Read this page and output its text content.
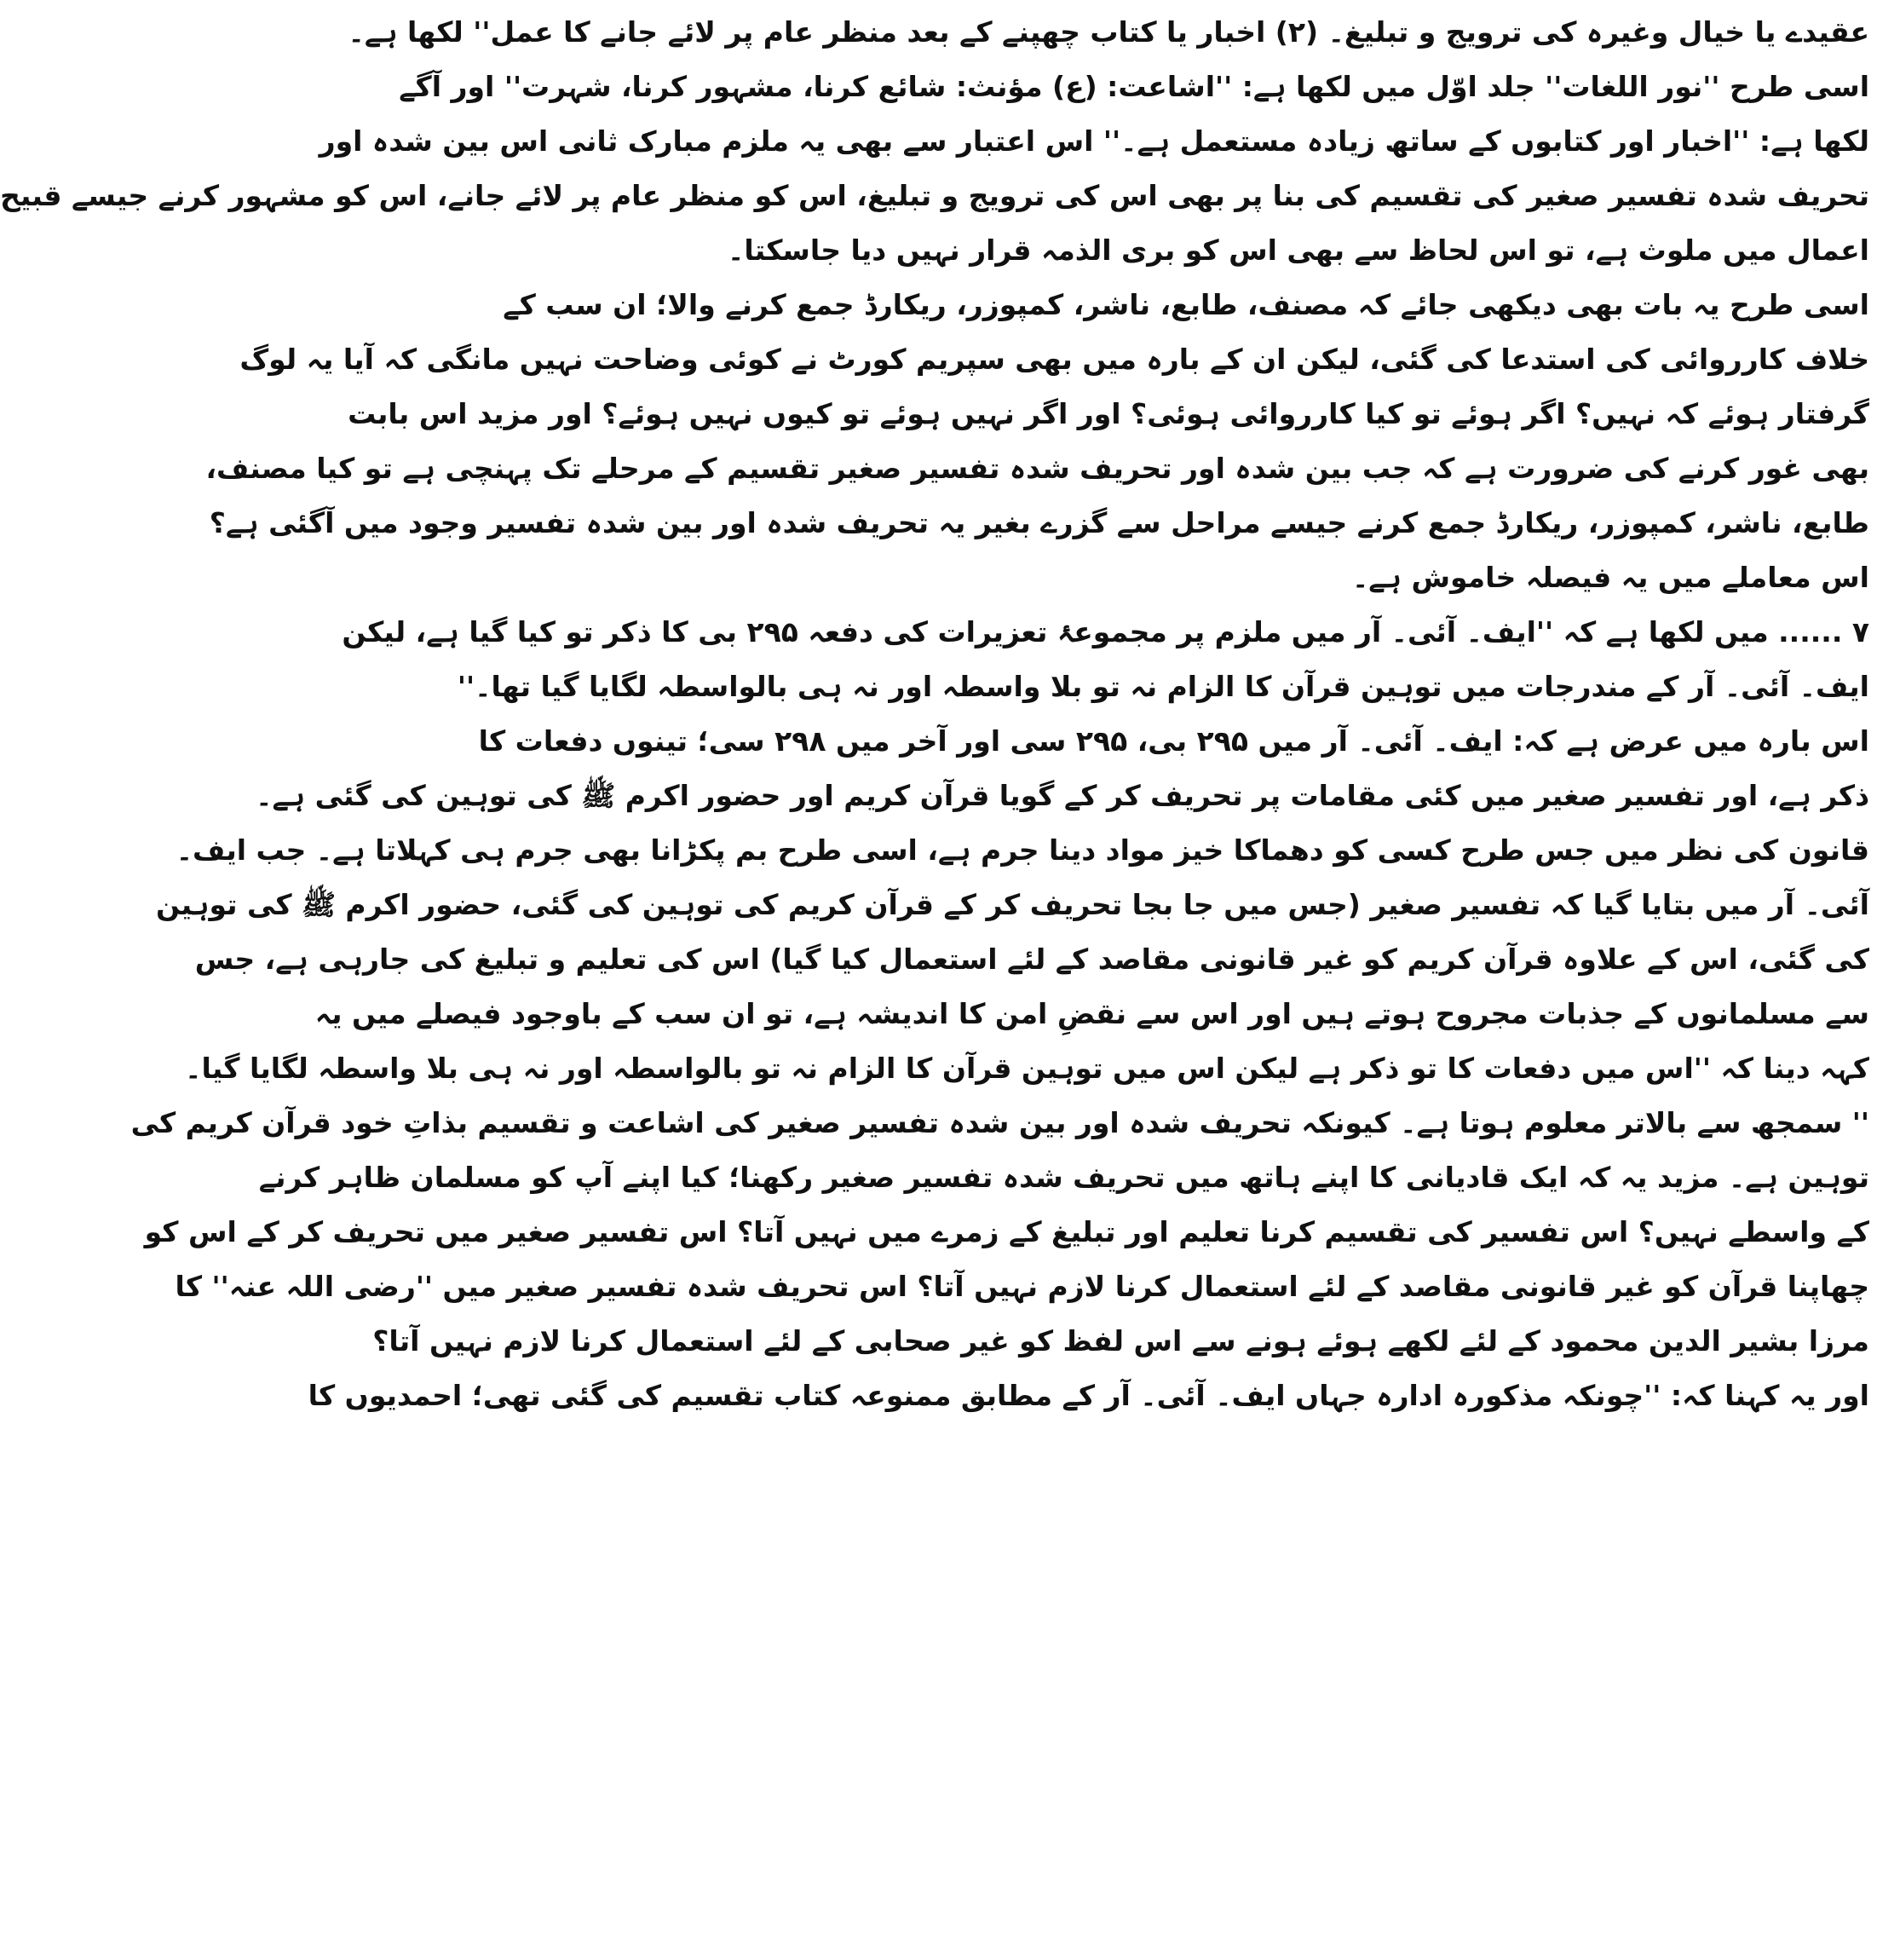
عقیدے یا خیال وغیرہ کی ترویج و تبلیغ۔ (۲) اخبار یا کتاب چھپنے کے بعد منظر عام پر لائے جانے کا عمل'' لکھا ہے۔
اسی طرح ''نور اللغات'' جلد اوّل میں لکھا ہے: ''اشاعت: (ع) مؤنث: شائع کرنا، مشہور کرنا، شہرت'' اور آگے
لکھا ہے: ''اخبار اور کتابوں کے ساتھ زیادہ مستعمل ہے۔'' اس اعتبار سے بھی یہ ملزم مبارک ثانی اس بین شدہ اور
تحریف شدہ تفسیر صغیر کی تقسیم کی بنا پر بھی اس کی ترویج و تبلیغ، اس کو منظر عام پر لائے جانے، اس کو مشہور کرنے جیسے قبیح
اعمال میں ملوث ہے، تو اس لحاظ سے بھی اس کو بری الذمہ قرار نہیں دیا جاسکتا۔
اسی طرح یہ بات بھی دیکھی جائے کہ مصنف، طابع، ناشر، کمپوزر، ریکارڈ جمع کرنے والا؛ ان سب کے
خلاف کارروائی کی استدعا کی گئی، لیکن ان کے بارہ میں بھی سپریم کورٹ نے کوئی وضاحت نہیں مانگی کہ آیا یہ لوگ
گرفتار ہوئے کہ نہیں؟ اگر ہوئے تو کیا کارروائی ہوئی؟ اور اگر نہیں ہوئے تو کیوں نہیں ہوئے؟ اور مزید اس بابت
بھی غور کرنے کی ضرورت ہے کہ جب بین شدہ اور تحریف شدہ تفسیر صغیر تقسیم کے مرحلے تک پہنچی ہے تو کیا مصنف،
طابع، ناشر، کمپوزر، ریکارڈ جمع کرنے جیسے مراحل سے گزرے بغیر یہ تحریف شدہ اور بین شدہ تفسیر وجود میں آگئی ہے؟
اس معاملے میں یہ فیصلہ خاموش ہے۔
۷ ...... میں لکھا ہے کہ ''ایف۔ آئی۔ آر میں ملزم پر مجموعۂ تعزیرات کی دفعہ ۲۹۵ بی کا ذکر تو کیا گیا ہے، لیکن
ایف۔ آئی۔ آر کے مندرجات میں توہین قرآن کا الزام نہ تو بلا واسطہ اور نہ ہی بالواسطہ لگایا گیا تھا۔''
اس بارہ میں عرض ہے کہ: ایف۔ آئی۔ آر میں ۲۹۵ بی، ۲۹۵ سی اور آخر میں ۲۹۸ سی؛ تینوں دفعات کا
ذکر ہے، اور تفسیر صغیر میں کئی مقامات پر تحریف کر کے گویا قرآن کریم اور حضور اکرم ﷺ کی توہین کی گئی ہے۔
قانون کی نظر میں جس طرح کسی کو دھماکا خیز مواد دینا جرم ہے، اسی طرح بم پکڑانا بھی جرم ہی کہلاتا ہے۔ جب ایف۔
آئی۔ آر میں بتایا گیا کہ تفسیر صغیر (جس میں جا بجا تحریف کر کے قرآن کریم کی توہین کی گئی، حضور اکرم ﷺ کی توہین
کی گئی، اس کے علاوہ قرآن کریم کو غیر قانونی مقاصد کے لئے استعمال کیا گیا) اس کی تعلیم و تبلیغ کی جارہی ہے، جس
سے مسلمانوں کے جذبات مجروح ہوتے ہیں اور اس سے نقضِ امن کا اندیشہ ہے، تو ان سب کے باوجود فیصلے میں یہ
کہہ دینا کہ ''اس میں دفعات کا تو ذکر ہے لیکن اس میں توہین قرآن کا الزام نہ تو بالواسطہ اور نہ ہی بلا واسطہ لگایا گیا۔
'' سمجھ سے بالاتر معلوم ہوتا ہے۔ کیونکہ تحریف شدہ اور بین شدہ تفسیر صغیر کی اشاعت و تقسیم بذاتِ خود قرآن کریم کی
توہین ہے۔ مزید یہ کہ ایک قادیانی کا اپنے ہاتھ میں تحریف شدہ تفسیر صغیر رکھنا؛ کیا اپنے آپ کو مسلمان ظاہر کرنے
کے واسطے نہیں؟ اس تفسیر کی تقسیم کرنا تعلیم اور تبلیغ کے زمرے میں نہیں آتا؟ اس تفسیر صغیر میں تحریف کر کے اس کو
چھاپنا قرآن کو غیر قانونی مقاصد کے لئے استعمال کرنا لازم نہیں آتا؟ اس تحریف شدہ تفسیر صغیر میں ''رضی اللہ عنہ'' کا
مرزا بشیر الدین محمود کے لئے لکھے ہوئے ہونے سے اس لفظ کو غیر صحابی کے لئے استعمال کرنا لازم نہیں آتا؟
اور یہ کہنا کہ: ''چونکہ مذکورہ ادارہ جہاں ایف۔ آئی۔ آر کے مطابق ممنوعہ کتاب تقسیم کی گئی تھی؛ احمدیوں کا
